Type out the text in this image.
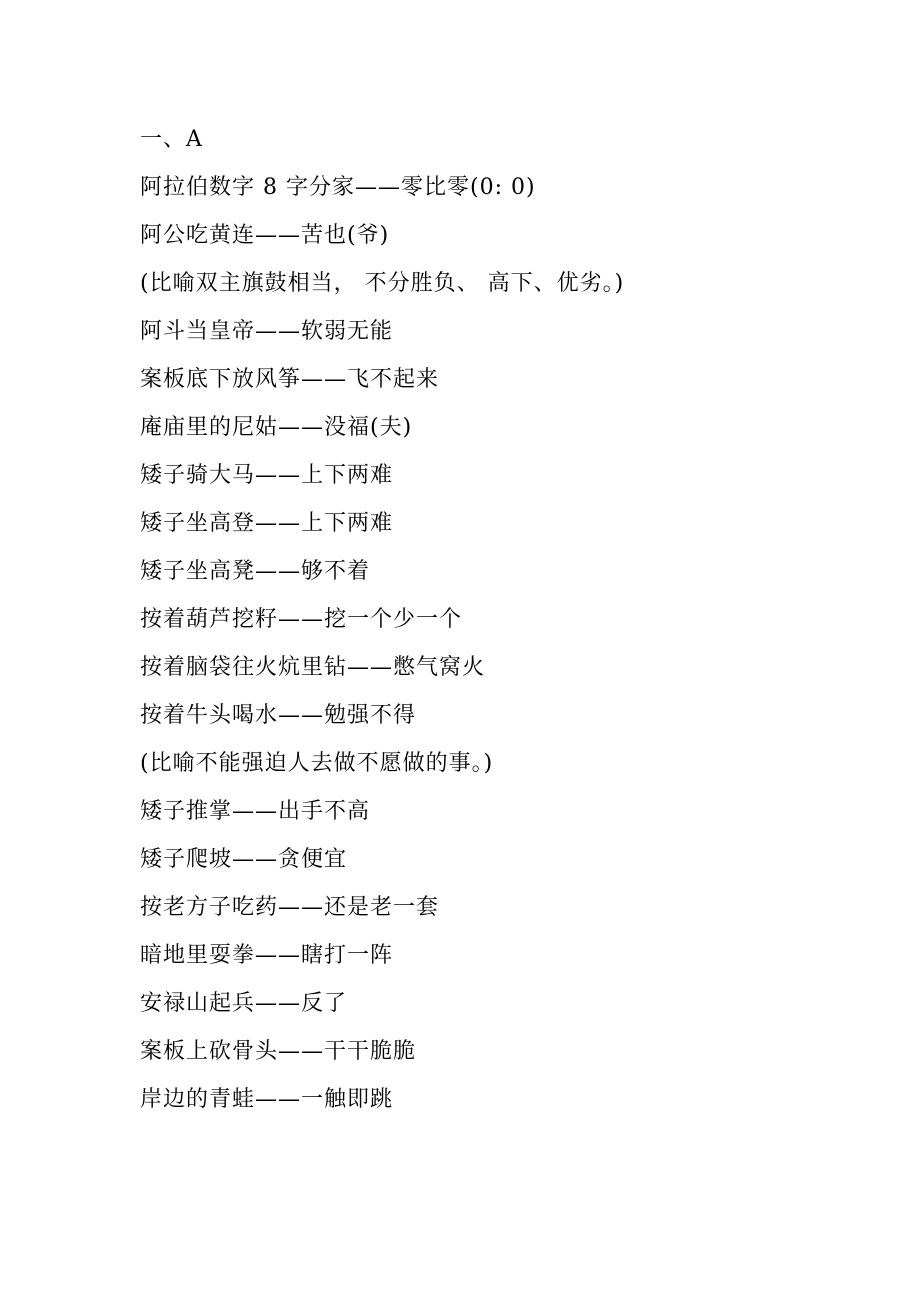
一、A
阿拉伯数字 8 字分家——零比零(0: 0)
阿公吃黄连——苦也(爷)
(比喻双主旗鼓相当， 不分胜负、 高下、优劣。)
阿斗当皇帝——软弱无能
案板底下放风筝——飞不起来
庵庙里的尼姑——没福(夫)
矮子骑大马——上下两难
矮子坐高登——上下两难
矮子坐高凳——够不着
按着葫芦挖籽——挖一个少一个
按着脑袋往火炕里钻——憋气窝火
按着牛头喝水——勉强不得
(比喻不能强迫人去做不愿做的事。)
矮子推掌——出手不高
矮子爬坡——贪便宜
按老方子吃药——还是老一套
暗地里耍拳——瞎打一阵
安禄山起兵——反了
案板上砍骨头——干干脆脆
岸边的青蛙——一触即跳
